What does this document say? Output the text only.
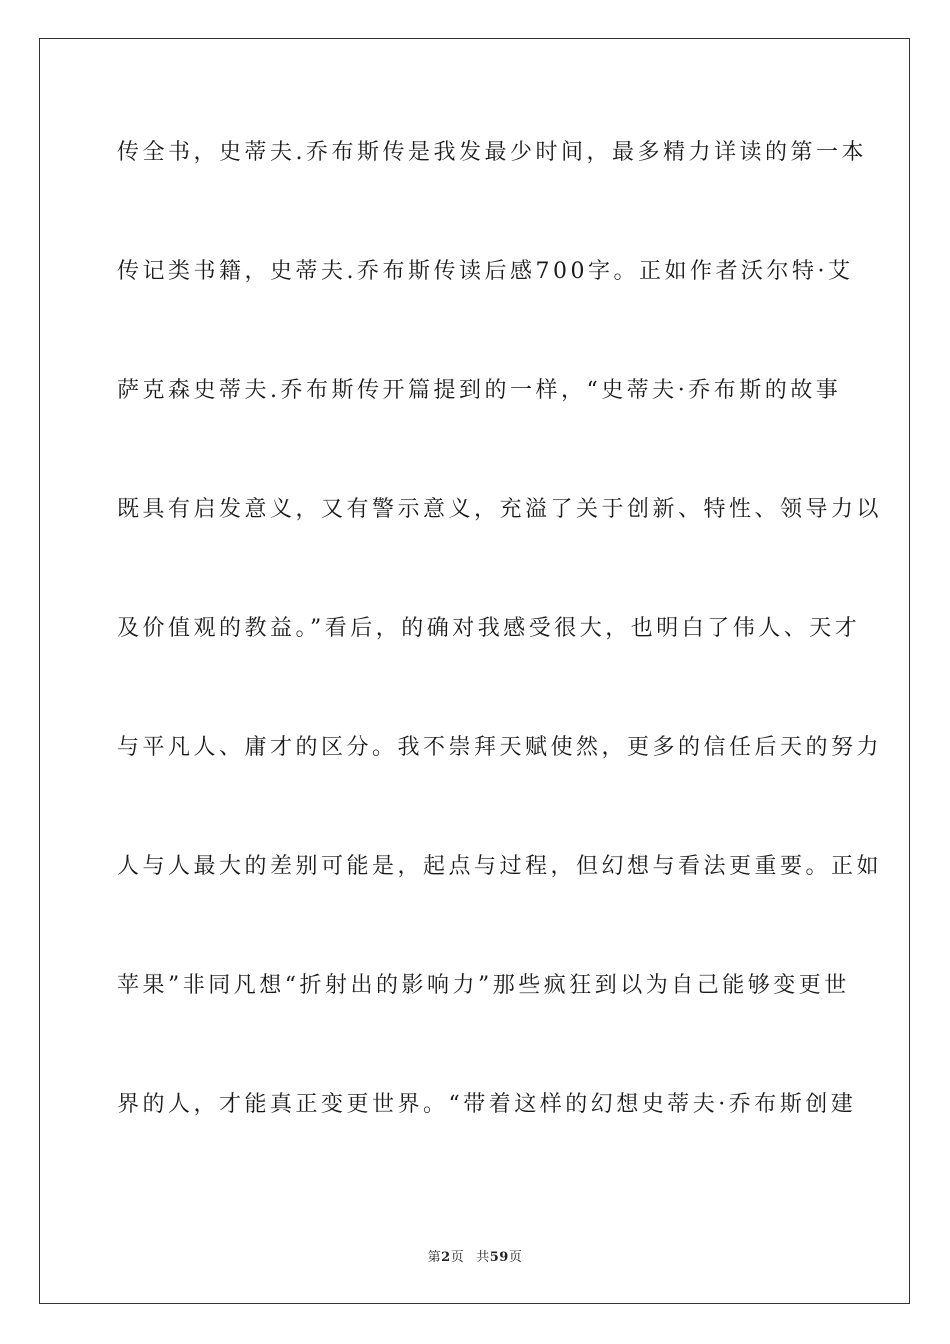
传全书，史蒂夫.乔布斯传是我发最少时间，最多精力详读的第一本
传记类书籍，史蒂夫.乔布斯传读后感700字。正如作者沃尔特·艾
萨克森史蒂夫.乔布斯传开篇提到的一样，“史蒂夫·乔布斯的故事
既具有启发意义，又有警示意义，充溢了关于创新、特性、领导力以
及价值观的教益。”看后，的确对我感受很大，也明白了伟人、天才
与平凡人、庸才的区分。我不崇拜天赋使然，更多的信任后天的努力
人与人最大的差别可能是，起点与过程，但幻想与看法更重要。正如
苹果”非同凡想“折射出的影响力”那些疯狂到以为自己能够变更世
界的人，才能真正变更世界。“带着这样的幻想史蒂夫·乔布斯创建
第2页 共59页
